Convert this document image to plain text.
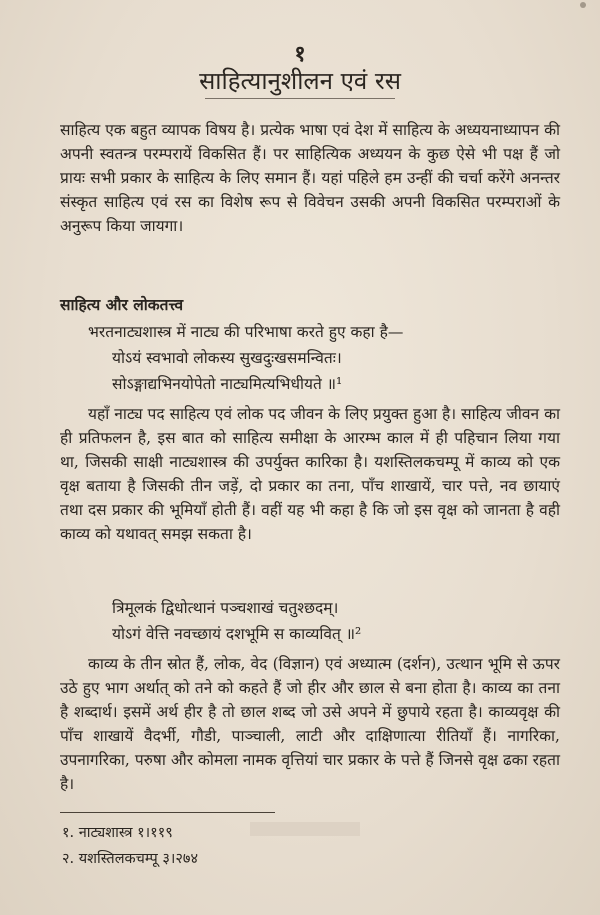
१
साहित्यानुशीलन एवं रस

साहित्य एक बहुत व्यापक विषय है। प्रत्येक भाषा एवं देश में साहित्य के अध्ययनाध्यापन की अपनी स्वतन्त्र परम्परायें विकसित हैं। पर साहित्यिक अध्ययन के कुछ ऐसे भी पक्ष हैं जो प्रायः सभी प्रकार के साहित्य के लिए समान हैं। यहां पहिले हम उन्हीं की चर्चा करेंगे अनन्तर संस्कृत साहित्य एवं रस का विशेष रूप से विवेचन उसकी अपनी विकसित परम्पराओं के अनुरूप किया जायगा।

साहित्य और लोकतत्त्व
भरतनाट्यशास्त्र में नाट्य की परिभाषा करते हुए कहा है—
योऽयं स्वभावो लोकस्य सुखदुःखसमन्वितः।
सोऽङ्गाद्यभिनयोपेतो नाट्यमित्यभिधीयते ॥¹

यहाँ नाट्य पद साहित्य एवं लोक पद जीवन के लिए प्रयुक्त हुआ है। साहित्य जीवन का ही प्रतिफलन है, इस बात को साहित्य समीक्षा के आरम्भ काल में ही पहिचान लिया गया था, जिसकी साक्षी नाट्यशास्त्र की उपर्युक्त कारिका है। यशस्तिलकचम्पू में काव्य को एक वृक्ष बताया है जिसकी तीन जड़ें, दो प्रकार का तना, पाँच शाखायें, चार पत्ते, नव छायाएं तथा दस प्रकार की भूमियाँ होती हैं। वहीं यह भी कहा है कि जो इस वृक्ष को जानता है वही काव्य को यथावत् समझ सकता है।

त्रिमूलकं द्विधोत्थानं पञ्चशाखं चतुश्छदम्।
योऽगं वेत्ति नवच्छायं दशभूमि स काव्यवित् ॥²

काव्य के तीन स्रोत हैं, लोक, वेद (विज्ञान) एवं अध्यात्म (दर्शन), उत्थान भूमि से ऊपर उठे हुए भाग अर्थात् को तने को कहते हैं जो हीर और छाल से बना होता है। काव्य का तना है शब्दार्थ। इसमें अर्थ हीर है तो छाल शब्द जो उसे अपने में छुपाये रहता है। काव्यवृक्ष की पाँच शाखायें वैदर्भी, गौडी, पाञ्चाली, लाटी और दाक्षिणात्या रीतियाँ हैं। नागरिका, उपनागरिका, परुषा और कोमला नामक वृत्तियां चार प्रकार के पत्ते हैं जिनसे वृक्ष ढका रहता है।

१. नाट्यशास्त्र १।११९
२. यशस्तिलकचम्पू ३।२७४
